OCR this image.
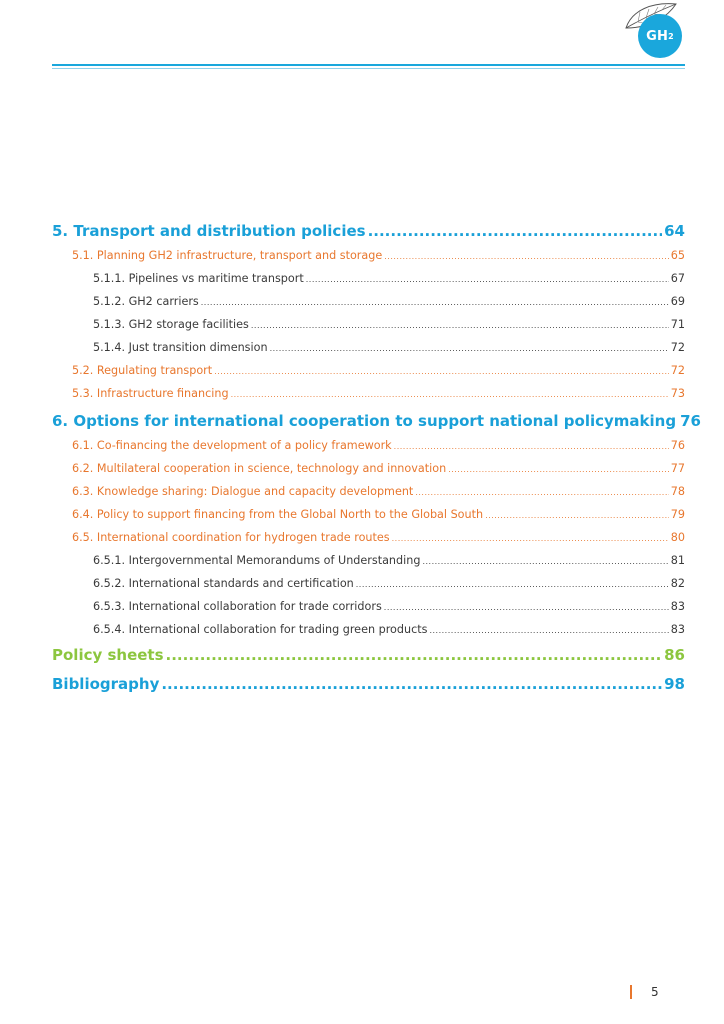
GH 2
5. Transport and distribution policies .....	64
5.1. Planning GH2 infrastructure, transport and storage .....	65
5.1.1. Pipelines vs maritime transport .....	67
5.1.2. GH2 carriers .....	69
5.1.3. GH2 storage facilities .....	71
5.1.4. Just transition dimension .....	72
5.2. Regulating transport .....	72
5.3. Infrastructure financing .....	73
6. Options for international cooperation to support national policymaking 76
6.1. Co-financing the development of a policy framework .....	76
6.2. Multilateral cooperation in science, technology and innovation .....	77
6.3. Knowledge sharing: Dialogue and capacity development .....	78
6.4. Policy to support financing from the Global North to the Global South .....	79
6.5. International coordination for hydrogen trade routes .....	80
6.5.1. Intergovernmental Memorandums of Understanding .....	81
6.5.2. International standards and certification .....	82
6.5.3. International collaboration for trade corridors .....	83
6.5.4. International collaboration for trading green products .....	83
Policy sheets .....	86
Bibliography .....	98
5
